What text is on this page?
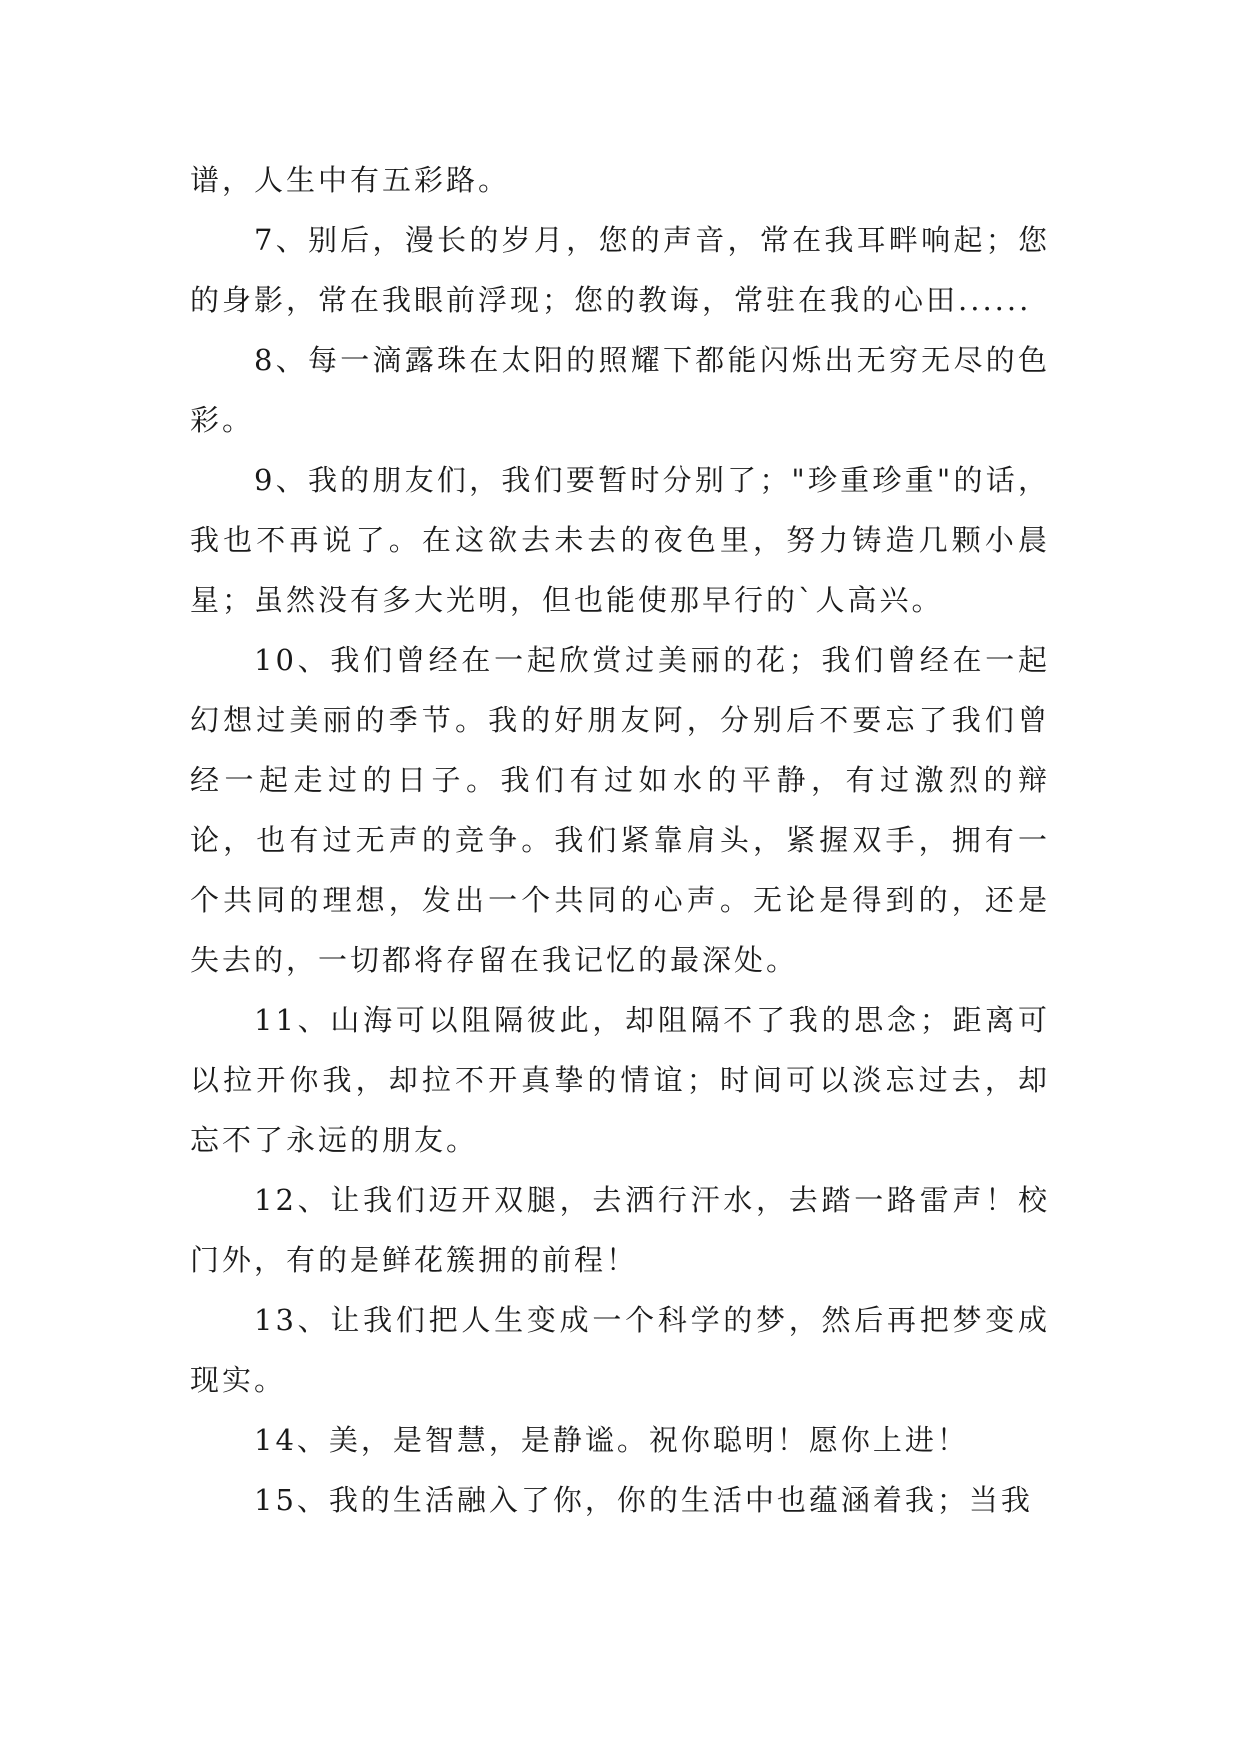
谱，人生中有五彩路。

7、别后，漫长的岁月，您的声音，常在我耳畔响起；您的身影，常在我眼前浮现；您的教诲，常驻在我的心田......

8、每一滴露珠在太阳的照耀下都能闪烁出无穷无尽的色彩。

9、我的朋友们，我们要暂时分别了；"珍重珍重"的话，我也不再说了。在这欲去未去的夜色里，努力铸造几颗小晨星；虽然没有多大光明，但也能使那早行的`人高兴。

10、我们曾经在一起欣赏过美丽的花；我们曾经在一起幻想过美丽的季节。我的好朋友阿，分别后不要忘了我们曾经一起走过的日子。我们有过如水的平静，有过激烈的辩论，也有过无声的竞争。我们紧靠肩头，紧握双手，拥有一个共同的理想，发出一个共同的心声。无论是得到的，还是失去的，一切都将存留在我记忆的最深处。

11、山海可以阻隔彼此，却阻隔不了我的思念；距离可以拉开你我，却拉不开真挚的情谊；时间可以淡忘过去，却忘不了永远的朋友。

12、让我们迈开双腿，去洒行汗水，去踏一路雷声！校门外，有的是鲜花簇拥的前程！

13、让我们把人生变成一个科学的梦，然后再把梦变成现实。

14、美，是智慧，是静谧。祝你聪明！愿你上进！

15、我的生活融入了你，你的生活中也蕴涵着我；当我
